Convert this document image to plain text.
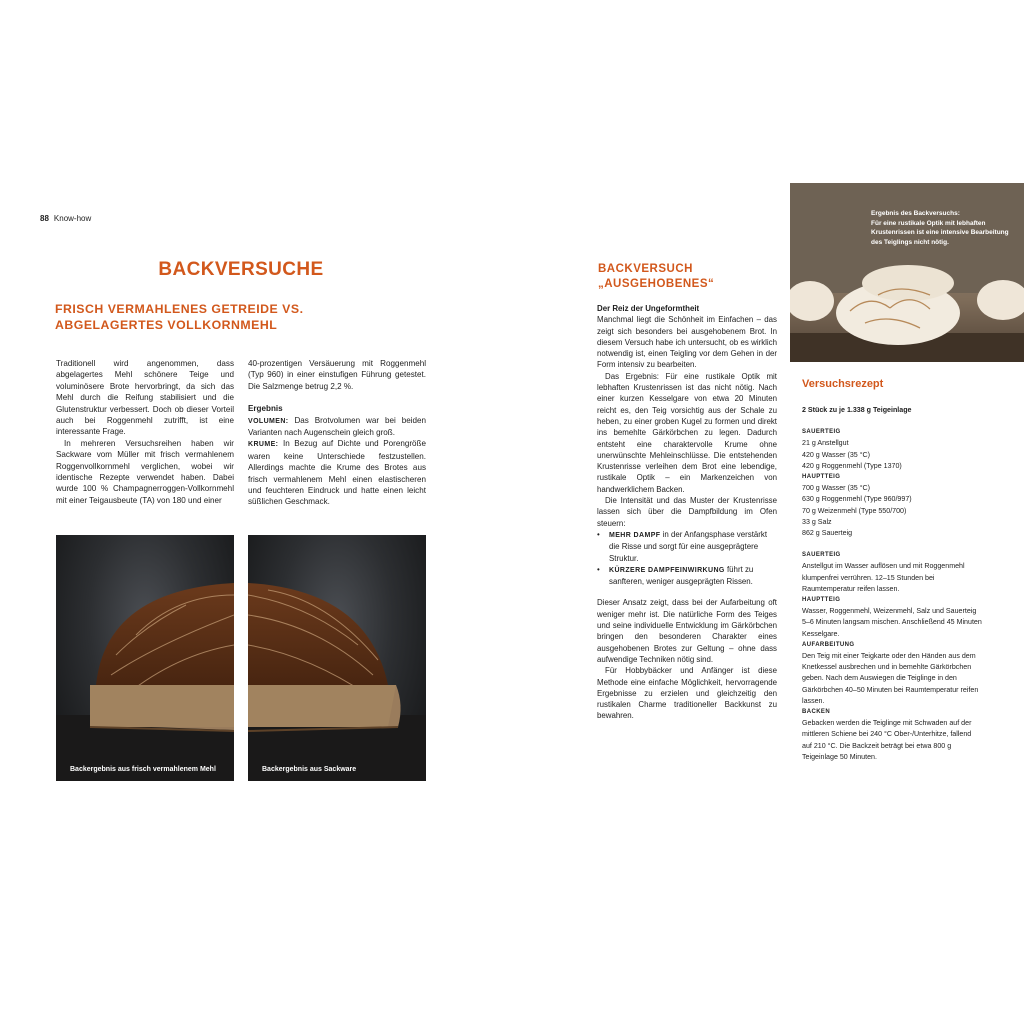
88 Know-how
BACKVERSUCHE
FRISCH VERMAHLENES GETREIDE VS.
ABGELAGERTES VOLLKORNMEHL

Traditionell wird angenommen, dass abgelagertes Mehl schönere Teige und voluminösere Brote hervorbringt, da sich das Mehl durch die Reifung stabilisiert und die Glutenstruktur verbessert. Doch ob dieser Vorteil auch bei Roggenmehl zutrifft, ist eine interessante Frage.

In mehreren Versuchsreihen haben wir Sackware vom Müller mit frisch vermahlenem Roggenvollkornmehl verglichen, wobei wir identische Rezepte verwendet haben. Dabei wurde 100 % Champagnerroggen-Vollkornmehl mit einer Teigausbeute (TA) von 180 und einer

40-prozentigen Versäuerung mit Roggenmehl (Typ 960) in einer einstufigen Führung getestet. Die Salzmenge betrug 2,2 %.

Ergebnis

VOLUMEN: Das Brotvolumen war bei beiden Varianten nach Augenschein gleich groß.

KRUME: In Bezug auf Dichte und Porengröße waren keine Unterschiede festzustellen. Allerdings machte die Krume des Brotes aus frisch vermahlenem Mehl einen elastischeren und feuchteren Eindruck und hatte einen leicht süßlichen Geschmack.

Backergebnis aus frisch vermahlenem Mehl	Backergebnis aus Sackware
BACKVERSUCH
„AUSGEHOBENES“

Der Reiz der Ungeformtheit

Manchmal liegt die Schönheit im Einfachen – das zeigt sich besonders bei ausgehobenem Brot. In diesem Versuch habe ich untersucht, ob es wirklich notwendig ist, einen Teigling vor dem Gehen in der Form intensiv zu bearbeiten.

Das Ergebnis: Für eine rustikale Optik mit lebhaften Krustenrissen ist das nicht nötig. Nach einer kurzen Kesselgare von etwa 20 Minuten reicht es, den Teig vorsichtig aus der Schale zu heben, zu einer groben Kugel zu formen und direkt ins bemehlte Gärkörbchen zu legen. Dadurch entsteht eine charaktervolle Krume ohne unerwünschte Mehleinschlüsse. Die entstehenden Krustenrisse verleihen dem Brot eine lebendige, rustikale Optik – ein Markenzeichen von handwerklichem Backen.

Die Intensität und das Muster der Krustenrisse lassen sich über die Dampfbildung im Ofen steuern:

• MEHR DAMPF in der Anfangsphase verstärkt die Risse und sorgt für eine ausgeprägtere Struktur.
• KÜRZERE DAMPFEINWIRKUNG führt zu sanfteren, weniger ausgeprägten Rissen.

Dieser Ansatz zeigt, dass bei der Aufarbeitung oft weniger mehr ist. Die natürliche Form des Teiges und seine individuelle Entwicklung im Gärkörbchen bringen den besonderen Charakter eines ausgehobenen Brotes zur Geltung – ohne dass aufwendige Techniken nötig sind.

Für Hobbybäcker und Anfänger ist diese Methode eine einfache Möglichkeit, hervorragende Ergebnisse zu erzielen und gleichzeitig den rustikalen Charme traditioneller Backkunst zu bewahren.

Ergebnis des Backversuchs:
Für eine rustikale Optik mit lebhaften Krustenrissen ist eine intensive Bearbeitung des Teiglings nicht nötig.
Versuchsrezept

2 Stück zu je 1.338 g Teigeinlage

SAUERTEIG

21 g Anstellgut

420 g Wasser (35 °C)

420 g Roggenmehl (Type 1370)

HAUPTTEIG

700 g Wasser (35 °C)

630 g Roggenmehl (Type 960/997)

70 g Weizenmehl (Type 550/700)

33 g Salz

862 g Sauerteig

SAUERTEIG

Anstellgut im Wasser auflösen und mit Roggenmehl klumpenfrei verrühren. 12–15 Stunden bei Raumtemperatur reifen lassen.

HAUPTTEIG

Wasser, Roggenmehl, Weizenmehl, Salz und Sauerteig 5–6 Minuten langsam mischen. Anschließend 45 Minuten Kesselgare.

AUFARBEITUNG

Den Teig mit einer Teigkarte oder den Händen aus dem Knetkessel ausbrechen und in bemehlte Gärkörbchen geben. Nach dem Auswiegen die Teiglinge in den Gärkörbchen 40–50 Minuten bei Raumtemperatur reifen lassen.

BACKEN

Gebacken werden die Teiglinge mit Schwaden auf der mittleren Schiene bei 240 °C Ober-/Unterhitze, fallend auf 210 °C. Die Backzeit beträgt bei etwa 800 g Teigeinlage 50 Minuten.
